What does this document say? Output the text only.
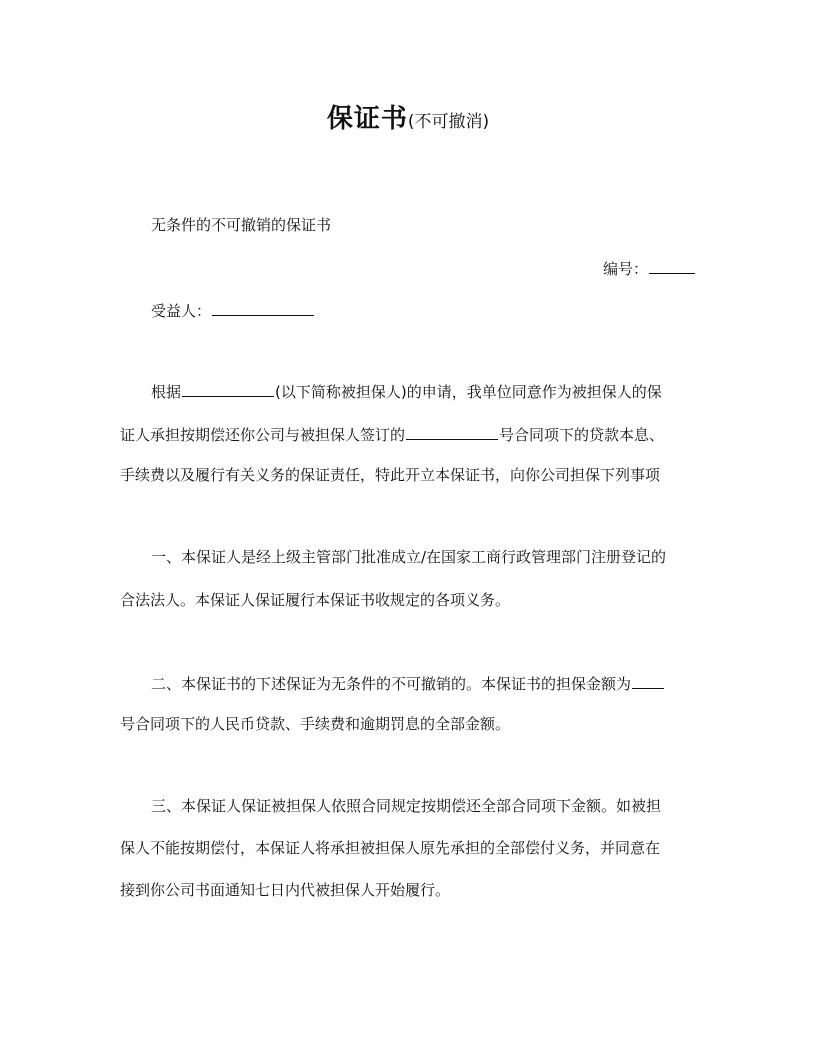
保证书(不可撤消)
无条件的不可撤销的保证书
编号：
受益人：
根据	(以下简称被担保人)的申请，我单位同意作为被担保人的保
证人承担按期偿还你公司与被担保人签订的	号合同项下的贷款本息、
手续费以及履行有关义务的保证责任，特此开立本保证书，向你公司担保下列事项
一、本保证人是经上级主管部门批准成立/在国家工商行政管理部门注册登记的
合法法人。本保证人保证履行本保证书收规定的各项义务。
二、本保证书的下述保证为无条件的不可撤销的。本保证书的担保金额为
号合同项下的人民币贷款、手续费和逾期罚息的全部金额。
三、本保证人保证被担保人依照合同规定按期偿还全部合同项下金额。如被担
保人不能按期偿付，本保证人将承担被担保人原先承担的全部偿付义务，并同意在
接到你公司书面通知七日内代被担保人开始履行。
